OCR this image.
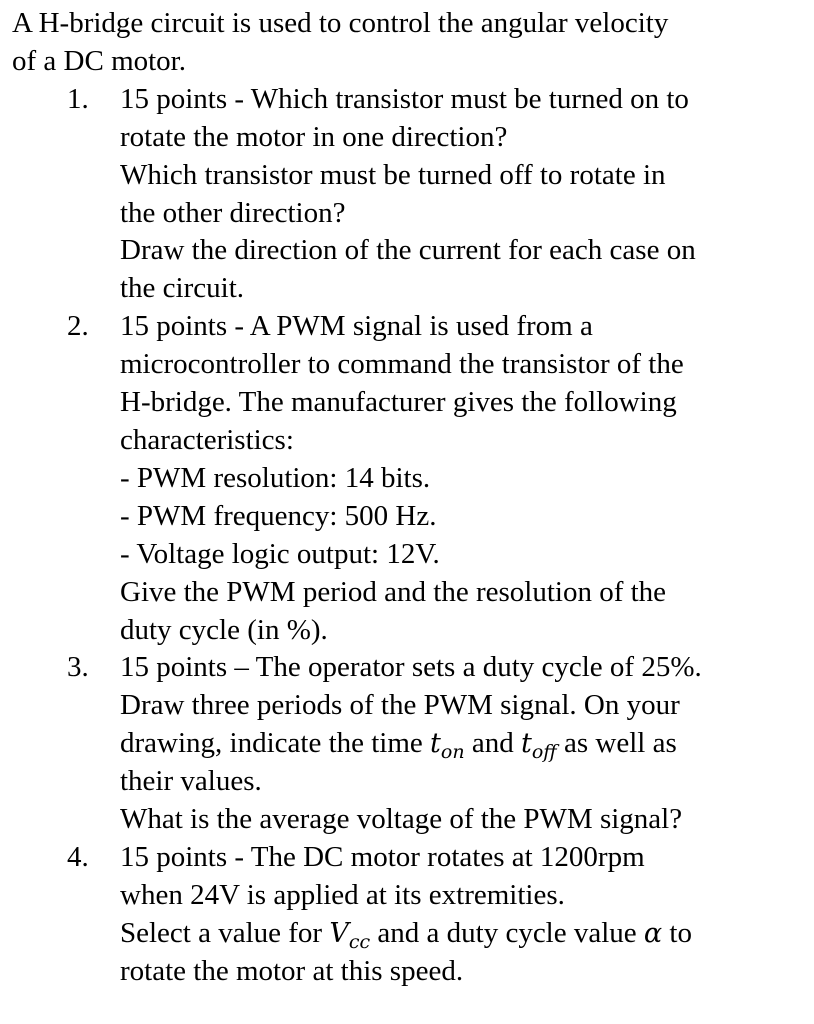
A H-bridge circuit is used to control the angular velocity
of a DC motor.

1. 15 points - Which transistor must be turned on to
rotate the motor in one direction?
Which transistor must be turned off to rotate in
the other direction?
Draw the direction of the current for each case on
the circuit.
2. 15 points - A PWM signal is used from a
microcontroller to command the transistor of the
H-bridge. The manufacturer gives the following
characteristics:
- PWM resolution: 14 bits.
- PWM frequency: 500 Hz.
- Voltage logic output: 12V.
Give the PWM period and the resolution of the
duty cycle (in %).
3. 15 points – The operator sets a duty cycle of 25%.
Draw three periods of the PWM signal. On your
drawing, indicate the time $t_{on}$ and $t_{off}$ as well as
their values.
What is the average voltage of the PWM signal?
4. 15 points - The DC motor rotates at 1200rpm
when 24V is applied at its extremities.
Select a value for $V_{cc}$ and a duty cycle value α to
rotate the motor at this speed.
